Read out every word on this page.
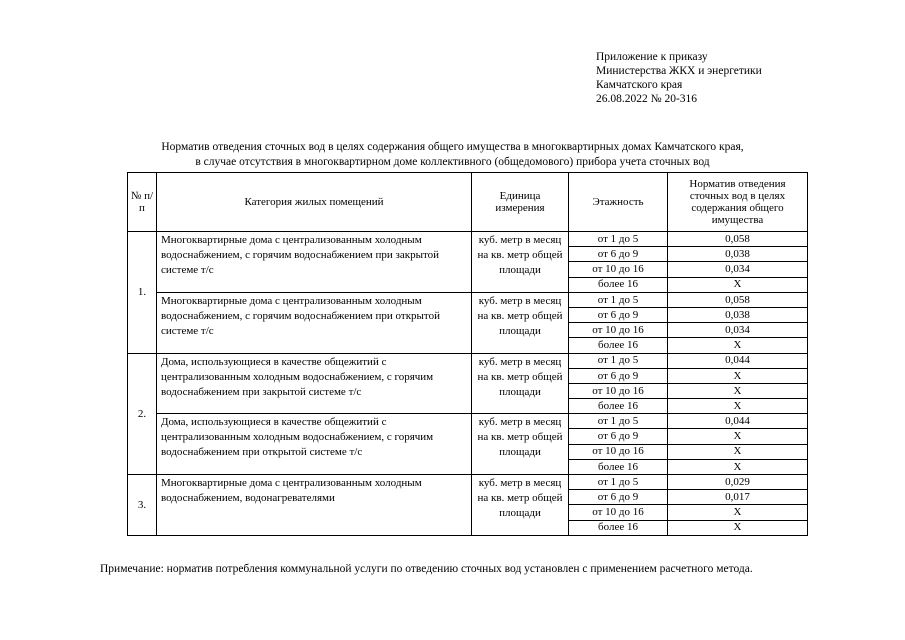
Приложение к приказу
Министерства ЖКХ и энергетики
Камчатского края
26.08.2022 № 20-316
Норматив отведения сточных вод в целях содержания общего имущества в многоквартирных домах Камчатского края,
в случае отсутствия в многоквартирном доме коллективного (общедомового) прибора учета сточных вод
№ п/п	Категория жилых помещений	Единица измерения	Этажность	Норматив отведения сточных вод в целях содержания общего имущества
1.	Многоквартирные дома с централизованным холодным водоснабжением, с горячим водоснабжением при закрытой системе т/с	куб. метр в месяц на кв. метр общей площади	от 1 до 5	0,058
			от 6 до 9	0,038
			от 10 до 16	0,034
			более 16	Х
	Многоквартирные дома с централизованным холодным водоснабжением, с горячим водоснабжением при открытой системе т/с	куб. метр в месяц на кв. метр общей площади	от 1 до 5	0,058
			от 6 до 9	0,038
			от 10 до 16	0,034
			более 16	Х
2.	Дома, использующиеся в качестве общежитий с централизованным холодным водоснабжением, с горячим водоснабжением при закрытой системе т/с	куб. метр в месяц на кв. метр общей площади	от 1 до 5	0,044
			от 6 до 9	Х
			от 10 до 16	Х
			более 16	Х
	Дома, использующиеся в качестве общежитий с централизованным холодным водоснабжением, с горячим водоснабжением при открытой системе т/с	куб. метр в месяц на кв. метр общей площади	от 1 до 5	0,044
			от 6 до 9	Х
			от 10 до 16	Х
			более 16	Х
3.	Многоквартирные дома с централизованным холодным водоснабжением, водонагревателями	куб. метр в месяц на кв. метр общей площади	от 1 до 5	0,029
			от 6 до 9	0,017
			от 10 до 16	Х
			более 16	Х
Примечание: норматив потребления коммунальной услуги по отведению сточных вод установлен с применением расчетного метода.
